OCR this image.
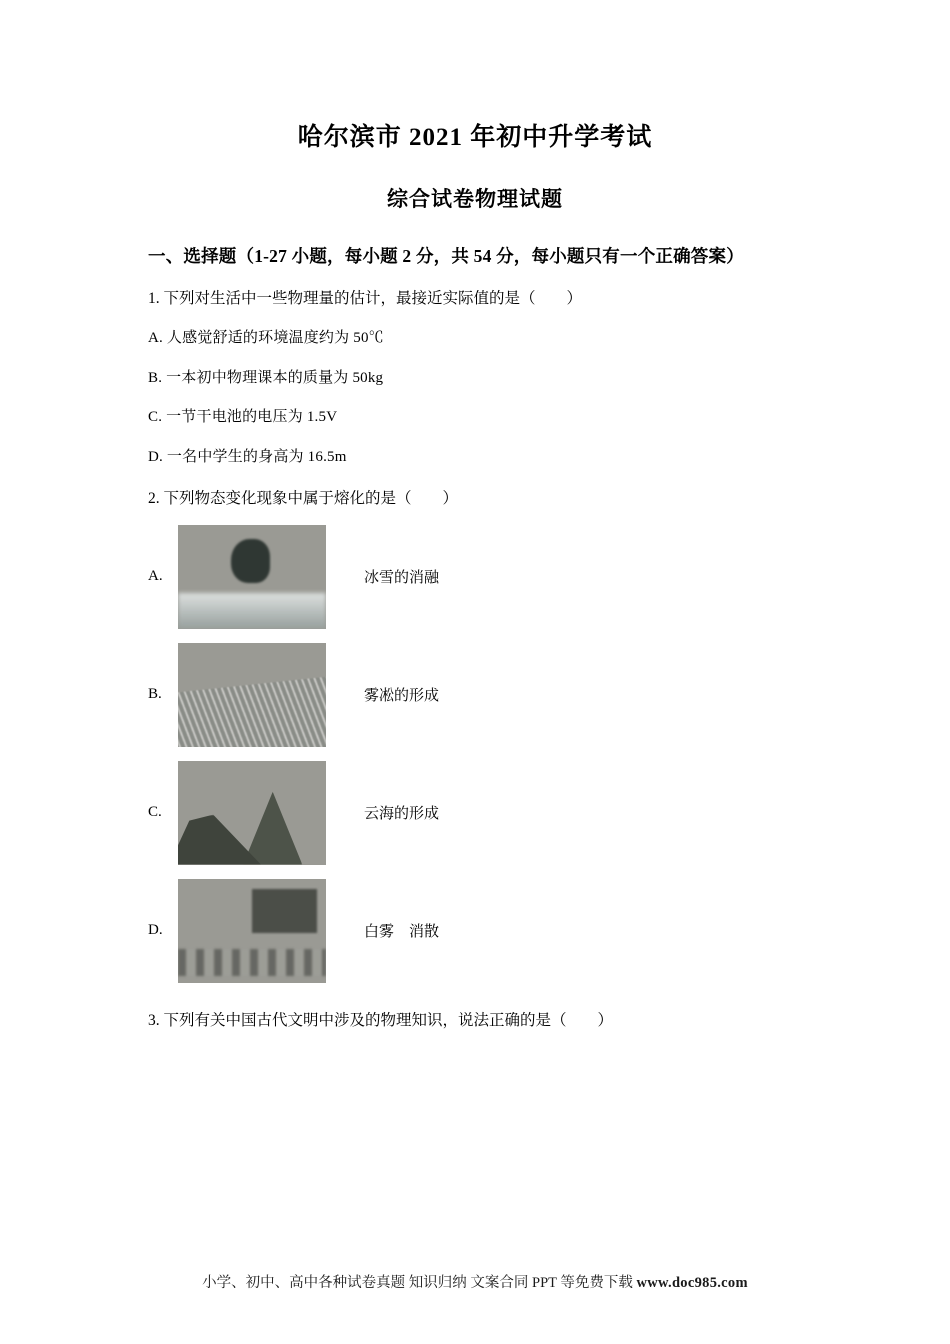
哈尔滨市 2021 年初中升学考试
综合试卷物理试题
一、选择题（1-27 小题，每小题 2 分，共 54 分，每小题只有一个正确答案）
1. 下列对生活中一些物理量的估计，最接近实际值的是（　　）
A. 人感觉舒适的环境温度约为 50℃
B. 一本初中物理课本的质量为 50kg
C. 一节干电池的电压为 1.5V
D. 一名中学生的身高为 16.5m
2. 下列物态变化现象中属于熔化的是（　　）
A.	冰雪的消融
B.	雾凇的形成
C.	云海的形成
D.	白雾　消散
3. 下列有关中国古代文明中涉及的物理知识，说法正确的是（　　）
小学、初中、高中各种试卷真题 知识归纳 文案合同 PPT 等免费下载 www.doc985.com
